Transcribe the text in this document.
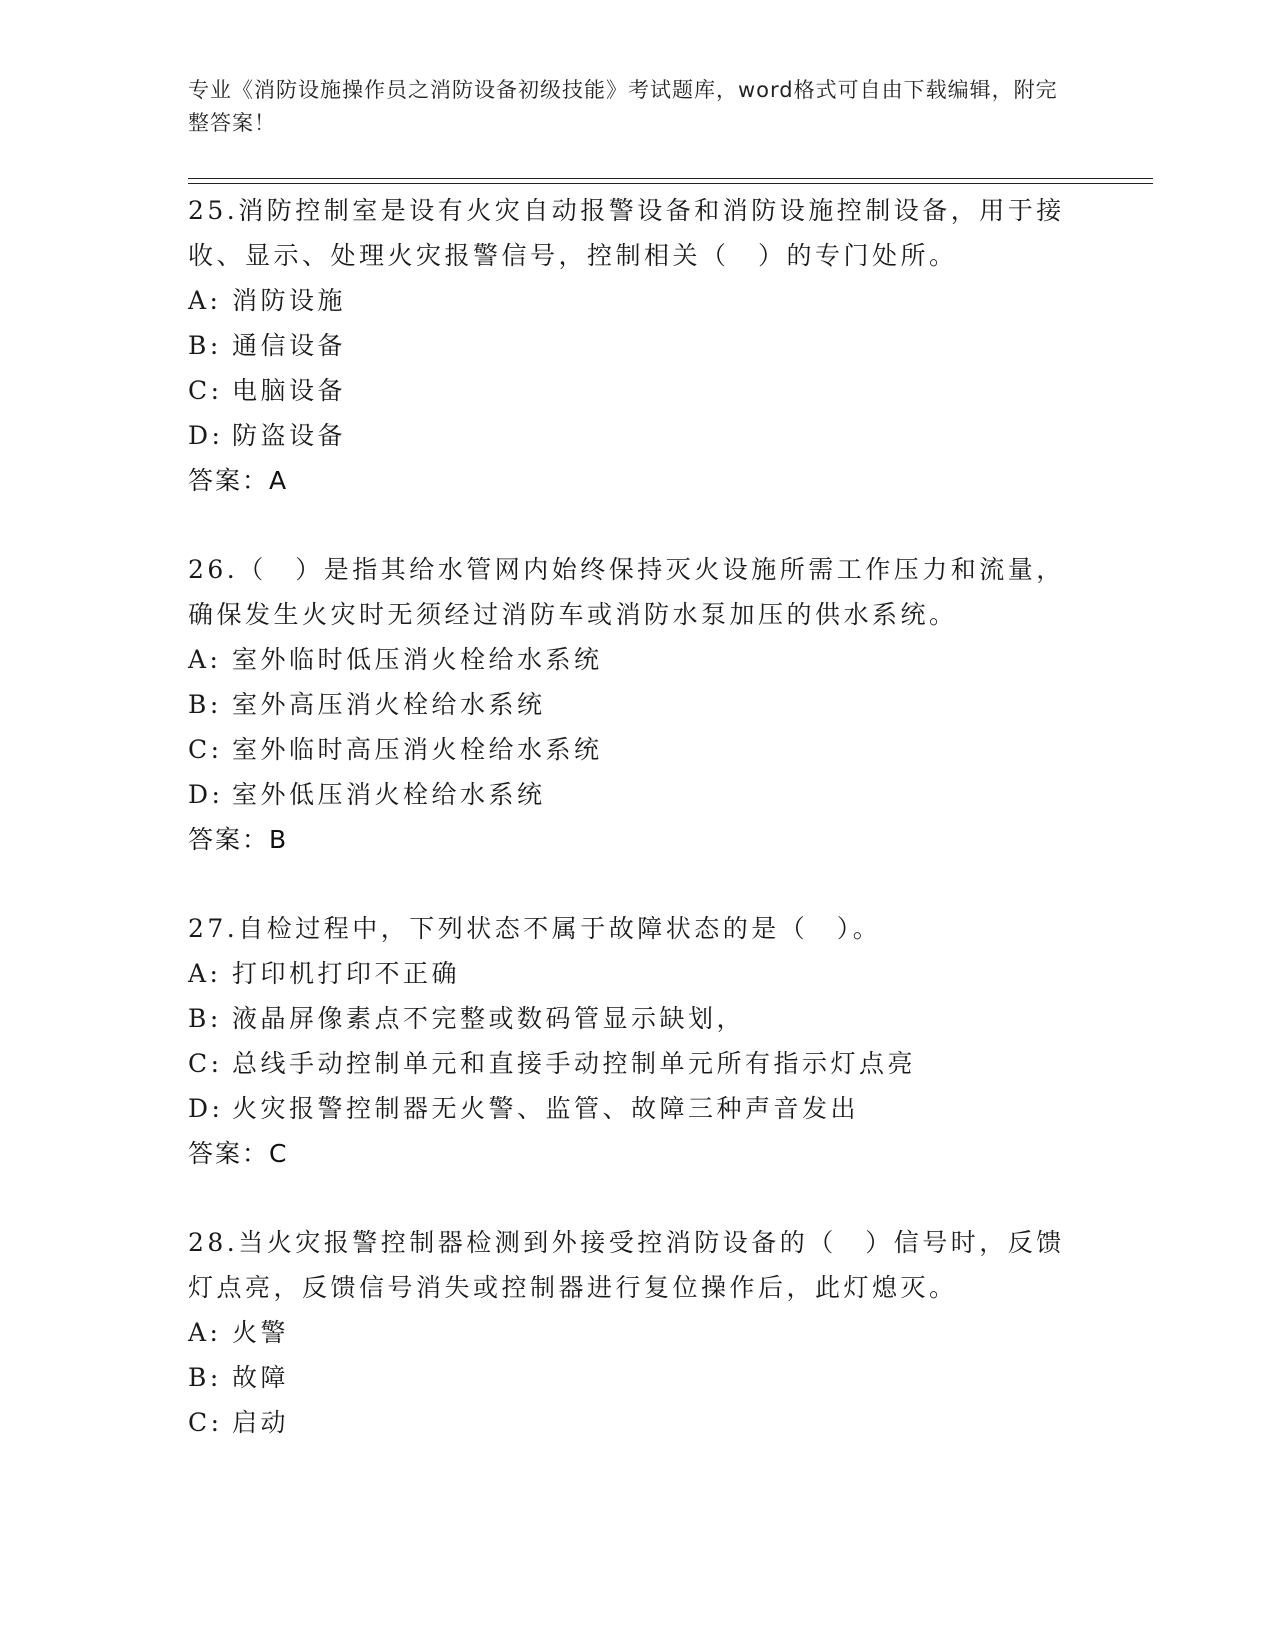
专业《消防设施操作员之消防设备初级技能》考试题库，word格式可自由下载编辑，附完整答案！

25.消防控制室是设有火灾自动报警设备和消防设施控制设备，用于接收、显示、处理火灾报警信号，控制相关（　）的专门处所。

A: 消防设施

B: 通信设备

C: 电脑设备

D: 防盗设备

答案：A

26.（　）是指其给水管网内始终保持灭火设施所需工作压力和流量，确保发生火灾时无须经过消防车或消防水泵加压的供水系统。

A: 室外临时低压消火栓给水系统

B: 室外高压消火栓给水系统

C: 室外临时高压消火栓给水系统

D: 室外低压消火栓给水系统

答案：B

27.自检过程中，下列状态不属于故障状态的是（　）。

A: 打印机打印不正确

B: 液晶屏像素点不完整或数码管显示缺划，

C: 总线手动控制单元和直接手动控制单元所有指示灯点亮

D: 火灾报警控制器无火警、监管、故障三种声音发出

答案：C

28.当火灾报警控制器检测到外接受控消防设备的（　）信号时，反馈灯点亮，反馈信号消失或控制器进行复位操作后，此灯熄灭。

A: 火警

B: 故障

C: 启动
